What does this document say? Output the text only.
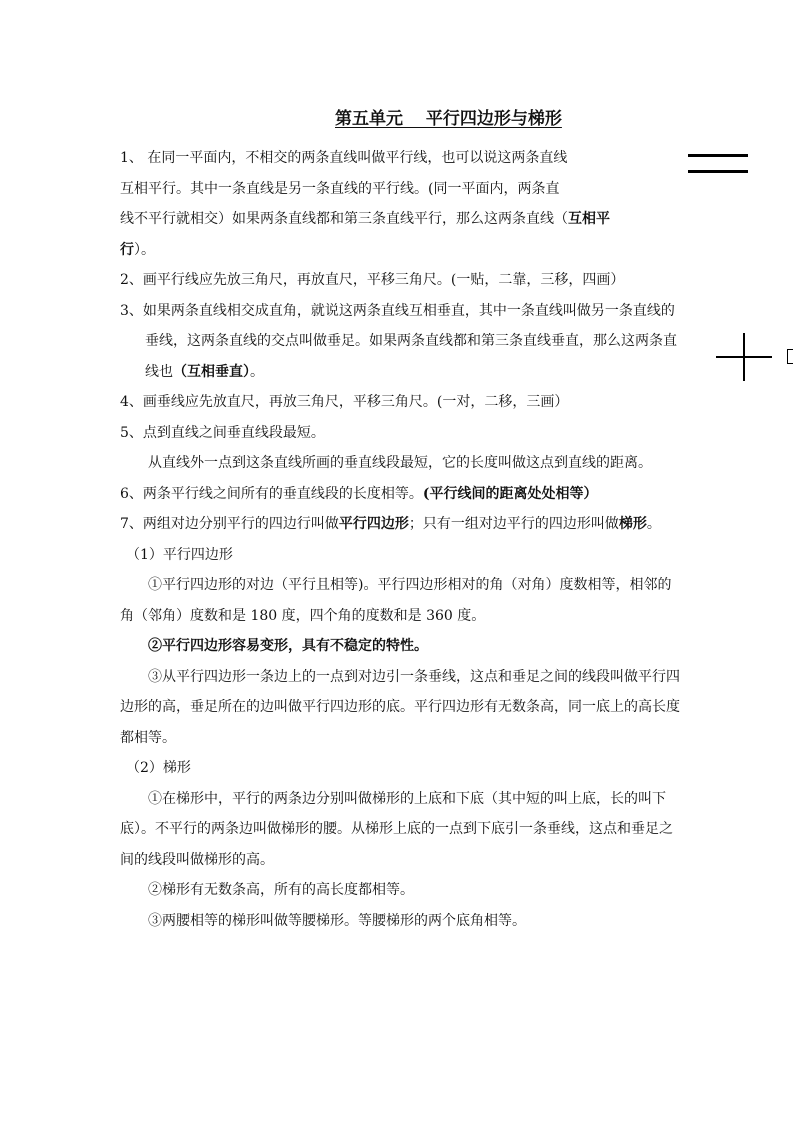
第五单元　 平行四边形与梯形

1、 在同一平面内，不相交的两条直线叫做平行线，也可以说这两条直线

互相平行。其中一条直线是另一条直线的平行线。(同一平面内，两条直

线不平行就相交）如果两条直线都和第三条直线平行，那么这两条直线（互相平

行）。

2、画平行线应先放三角尺，再放直尺，平移三角尺。(一贴，二靠，三移，四画）

3、如果两条直线相交成直角，就说这两条直线互相垂直，其中一条直线叫做另一条直线的垂线，这两条直线的交点叫做垂足。如果两条直线都和第三条直线垂直，那么这两条直线也（互相垂直）。

4、画垂线应先放直尺，再放三角尺，平移三角尺。(一对，二移，三画）

5、点到直线之间垂直线段最短。

从直线外一点到这条直线所画的垂直线段最短，它的长度叫做这点到直线的距离。

6、两条平行线之间所有的垂直线段的长度相等。(平行线间的距离处处相等）

7、两组对边分别平行的四边行叫做平行四边形；只有一组对边平行的四边形叫做梯形。

（1）平行四边形

①平行四边形的对边（平行且相等)。平行四边形相对的角（对角）度数相等，相邻的角（邻角）度数和是 180 度，四个角的度数和是 360 度。

②平行四边形容易变形，具有不稳定的特性。

③从平行四边形一条边上的一点到对边引一条垂线，这点和垂足之间的线段叫做平行四边形的高，垂足所在的边叫做平行四边形的底。平行四边形有无数条高，同一底上的高长度都相等。

（2）梯形

①在梯形中，平行的两条边分别叫做梯形的上底和下底（其中短的叫上底，长的叫下底）。不平行的两条边叫做梯形的腰。从梯形上底的一点到下底引一条垂线，这点和垂足之间的线段叫做梯形的高。

②梯形有无数条高，所有的高长度都相等。

③两腰相等的梯形叫做等腰梯形。等腰梯形的两个底角相等。
